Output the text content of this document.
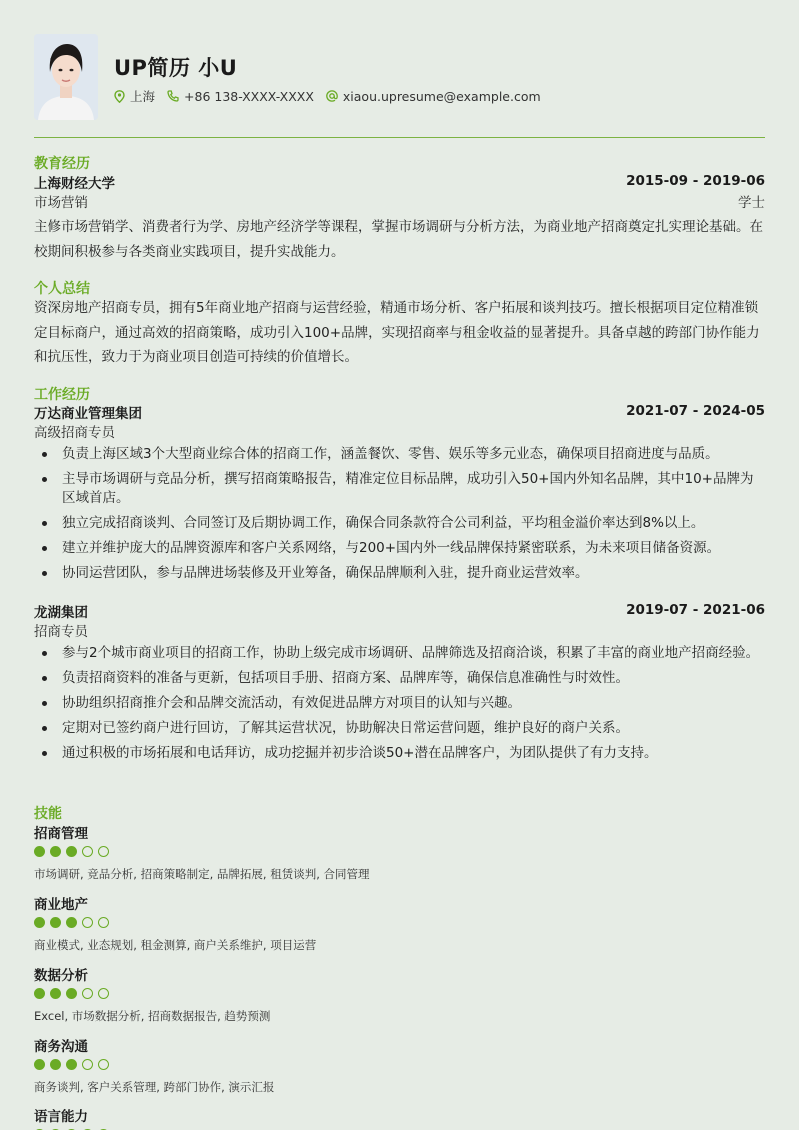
UP简历 小U
上海 +86 138-XXXX-XXXX xiaou.upresume@example.com
教育经历
上海财经大学	2015-09 - 2019-06
市场营销	学士
主修市场营销学、消费者行为学、房地产经济学等课程，掌握市场调研与分析方法，为商业地产招商奠定扎实理论基础。在校期间积极参与各类商业实践项目，提升实战能力。
个人总结
资深房地产招商专员，拥有5年商业地产招商与运营经验，精通市场分析、客户拓展和谈判技巧。擅长根据项目定位精准锁定目标商户，通过高效的招商策略，成功引入100+品牌，实现招商率与租金收益的显著提升。具备卓越的跨部门协作能力和抗压性，致力于为商业项目创造可持续的价值增长。
工作经历
万达商业管理集团	2021-07 - 2024-05
高级招商专员
负责上海区域3个大型商业综合体的招商工作，涵盖餐饮、零售、娱乐等多元业态，确保项目招商进度与品质。
主导市场调研与竞品分析，撰写招商策略报告，精准定位目标品牌，成功引入50+国内外知名品牌，其中10+品牌为区域首店。
独立完成招商谈判、合同签订及后期协调工作，确保合同条款符合公司利益，平均租金溢价率达到8%以上。
建立并维护庞大的品牌资源库和客户关系网络，与200+国内外一线品牌保持紧密联系，为未来项目储备资源。
协同运营团队，参与品牌进场装修及开业筹备，确保品牌顺利入驻，提升商业运营效率。
龙湖集团	2019-07 - 2021-06
招商专员
参与2个城市商业项目的招商工作，协助上级完成市场调研、品牌筛选及招商洽谈，积累了丰富的商业地产招商经验。
负责招商资料的准备与更新，包括项目手册、招商方案、品牌库等，确保信息准确性与时效性。
协助组织招商推介会和品牌交流活动，有效促进品牌方对项目的认知与兴趣。
定期对已签约商户进行回访，了解其运营状况，协助解决日常运营问题，维护良好的商户关系。
通过积极的市场拓展和电话拜访，成功挖掘并初步洽谈50+潜在品牌客户，为团队提供了有力支持。
技能
招商管理
市场调研, 竞品分析, 招商策略制定, 品牌拓展, 租赁谈判, 合同管理
商业地产
商业模式, 业态规划, 租金测算, 商户关系维护, 项目运营
数据分析
Excel, 市场数据分析, 招商数据报告, 趋势预测
商务沟通
商务谈判, 客户关系管理, 跨部门协作, 演示汇报
语言能力
